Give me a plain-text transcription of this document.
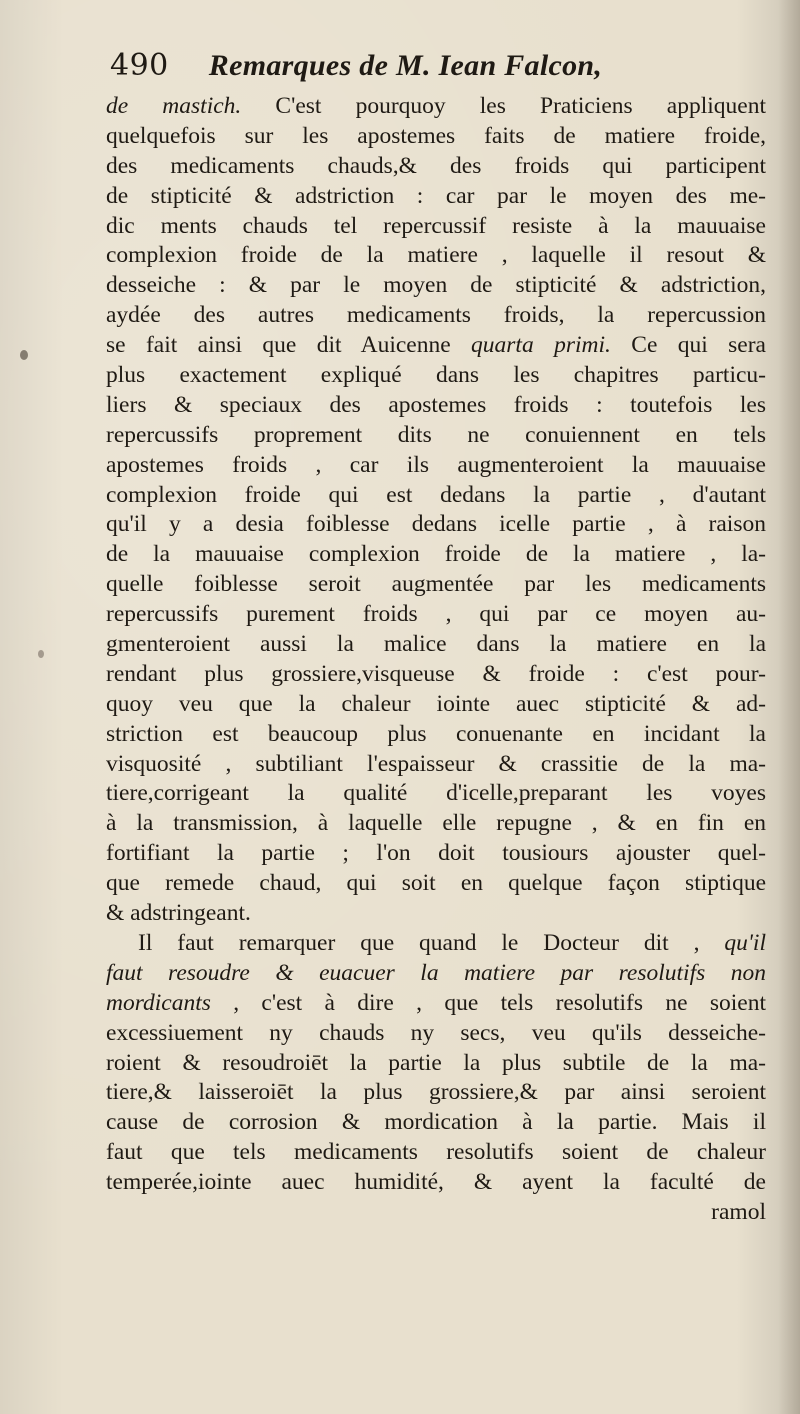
490 Remarques de M. Iean Falcon,
de mastich. C'est pourquoy les Praticiens appliquent
quelquefois sur les apostemes faits de matiere froide,
des medicaments chauds,& des froids qui participent
de stipticité & adstriction : car par le moyen des me-
dic ments chauds tel repercussif resiste à la mauuaise
complexion froide de la matiere , laquelle il resout &
desseiche : & par le moyen de stipticité & adstriction,
aydée des autres medicaments froids, la repercussion
se fait ainsi que dit Auicenne quarta primi. Ce qui sera
plus exactement expliqué dans les chapitres particu-
liers & speciaux des apostemes froids : toutefois les
repercussifs proprement dits ne conuiennent en tels
apostemes froids , car ils augmenteroient la mauuaise
complexion froide qui est dedans la partie , d'autant
qu'il y a desia foiblesse dedans icelle partie , à raison
de la mauuaise complexion froide de la matiere , la-
quelle foiblesse seroit augmentée par les medicaments
repercussifs purement froids , qui par ce moyen au-
gmenteroient aussi la malice dans la matiere en la
rendant plus grossiere,visqueuse & froide : c'est pour-
quoy veu que la chaleur iointe auec stipticité & ad-
striction est beaucoup plus conuenante en incidant la
visquosité , subtiliant l'espaisseur & crassitie de la ma-
tiere,corrigeant la qualité d'icelle,preparant les voyes
à la transmission, à laquelle elle repugne , & en fin en
fortifiant la partie ; l'on doit tousiours ajouster quel-
que remede chaud, qui soit en quelque façon stiptique
& adstringeant.
Il faut remarquer que quand le Docteur dit , qu'il
faut resoudre & euacuer la matiere par resolutifs non
mordicants , c'est à dire , que tels resolutifs ne soient
excessiuement ny chauds ny secs, veu qu'ils desseiche-
roient & resoudroiēt la partie la plus subtile de la ma-
tiere,& laisseroiēt la plus grossiere,& par ainsi seroient
cause de corrosion & mordication à la partie. Mais il
faut que tels medicaments resolutifs soient de chaleur
temperée,iointe auec humidité, & ayent la faculté de
ramol
